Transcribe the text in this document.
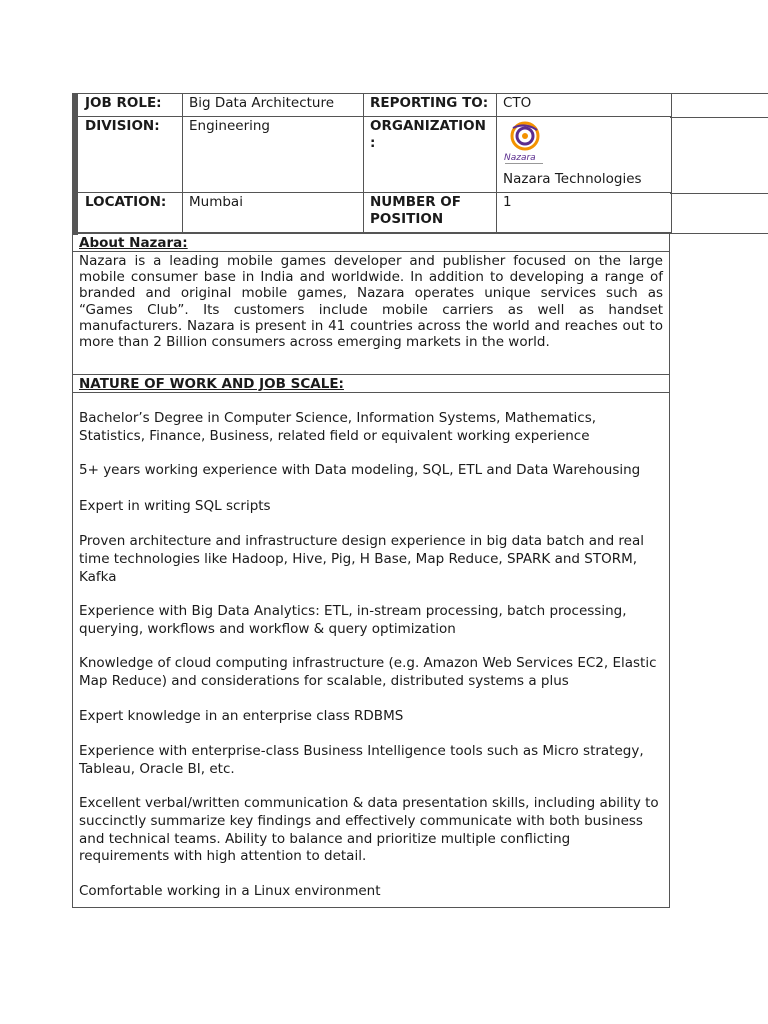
JOB ROLE:	Big Data Architecture	REPORTING TO:	CTO
DIVISION:	Engineering	ORGANIZATION :	Nazara
Nazara Technologies

LOCATION:	Mumbai	NUMBER OF POSITION	1
About Nazara:
Nazara is a leading mobile games developer and publisher focused on the large mobile consumer base in India and worldwide. In addition to developing a range of branded and original mobile games, Nazara operates unique services such as “Games Club”. Its customers include mobile carriers as well as handset manufacturers. Nazara is present in 41 countries across the world and reaches out to more than 2 Billion consumers across emerging markets in the world.
NATURE OF WORK AND JOB SCALE:

Bachelor’s Degree in Computer Science, Information Systems, Mathematics, Statistics, Finance, Business, related field or equivalent working experience

5+ years working experience with Data modeling, SQL, ETL and Data Warehousing

Expert in writing SQL scripts

Proven architecture and infrastructure design experience in big data batch and real time technologies like Hadoop, Hive, Pig, H Base, Map Reduce, SPARK and STORM, Kafka

Experience with Big Data Analytics: ETL, in-stream processing, batch processing, querying, workflows and workflow & query optimization

Knowledge of cloud computing infrastructure (e.g. Amazon Web Services EC2, Elastic Map Reduce) and considerations for scalable, distributed systems a plus

Expert knowledge in an enterprise class RDBMS

Experience with enterprise-class Business Intelligence tools such as Micro strategy, Tableau, Oracle BI, etc.

Excellent verbal/written communication & data presentation skills, including ability to succinctly summarize key findings and effectively communicate with both business and technical teams. Ability to balance and prioritize multiple conflicting requirements with high attention to detail.

Comfortable working in a Linux environment
